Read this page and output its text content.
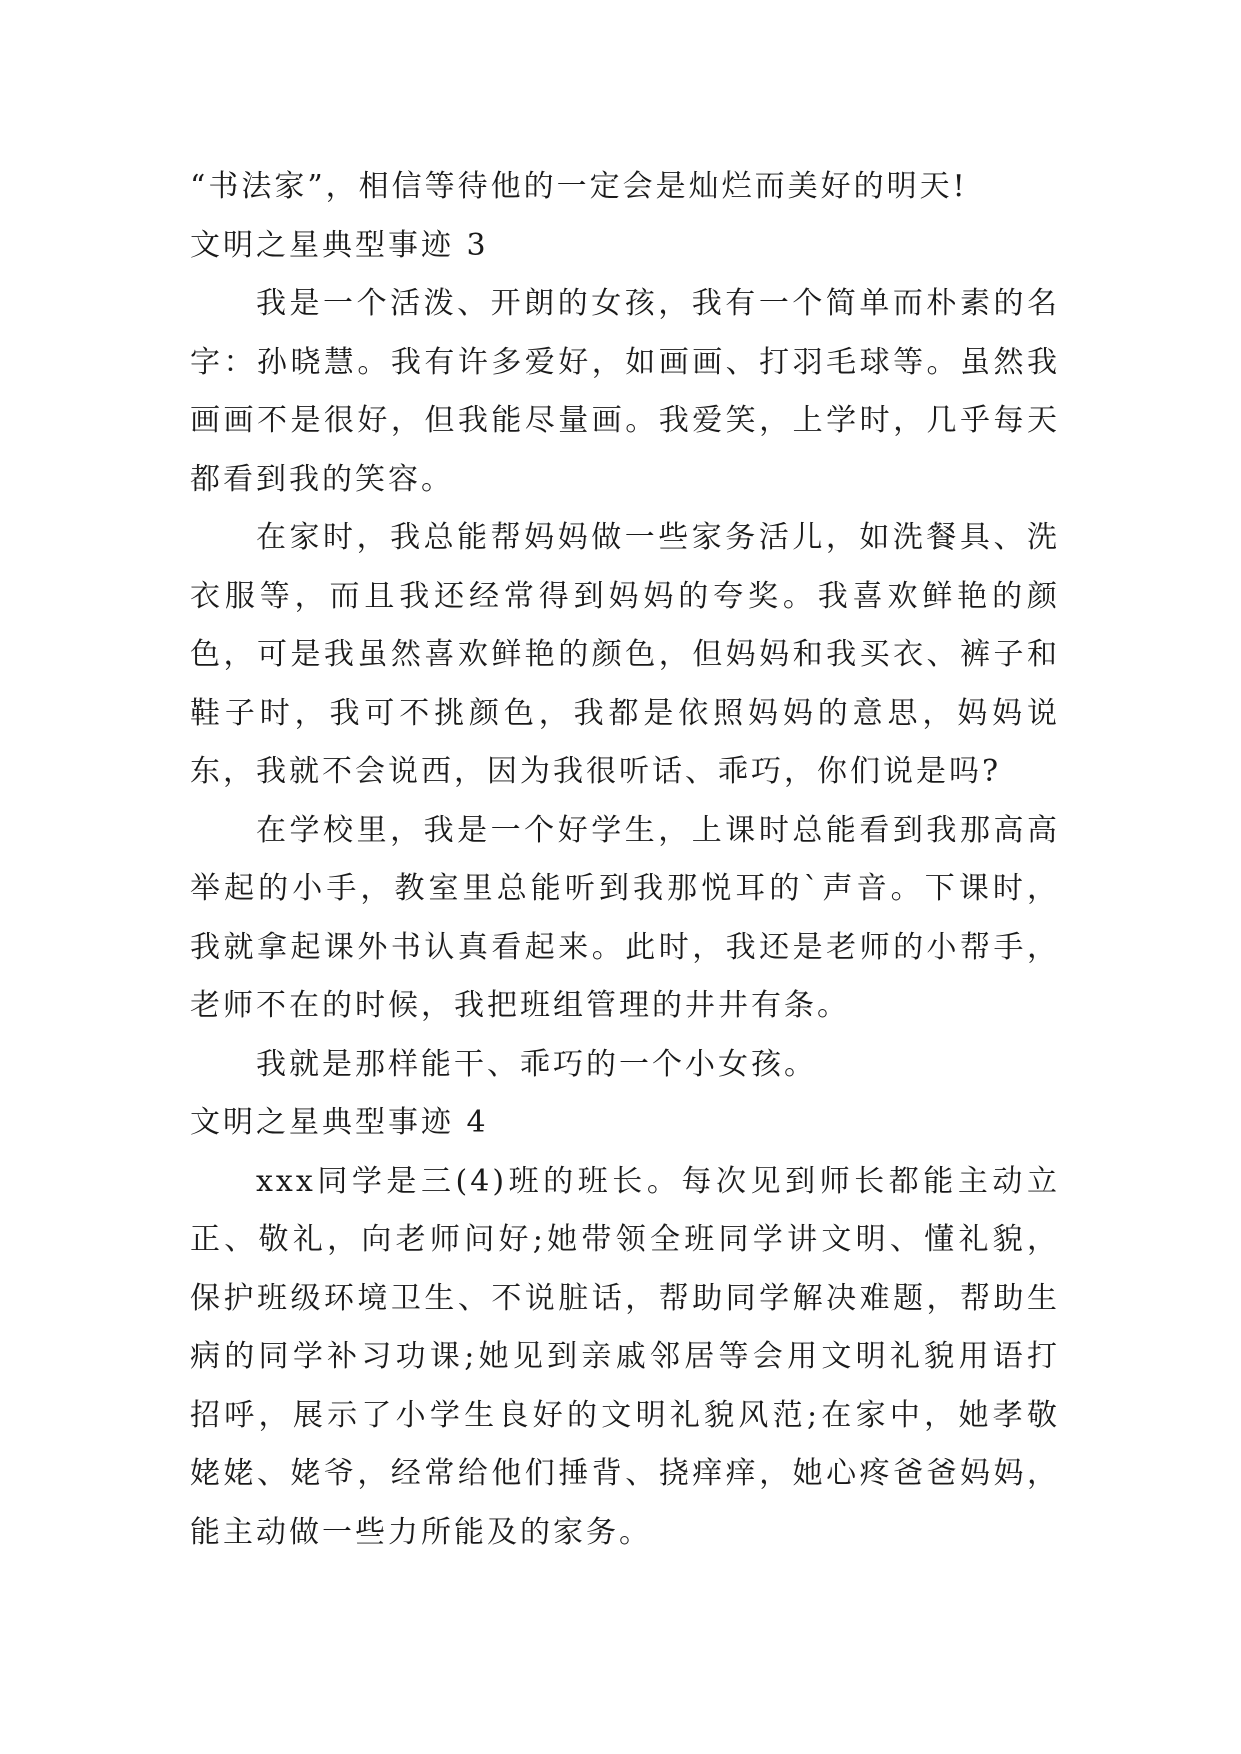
“书法家”，相信等待他的一定会是灿烂而美好的明天!
文明之星典型事迹 3

我是一个活泼、开朗的女孩，我有一个简单而朴素的名字：孙晓慧。我有许多爱好，如画画、打羽毛球等。虽然我画画不是很好，但我能尽量画。我爱笑，上学时，几乎每天都看到我的笑容。

在家时，我总能帮妈妈做一些家务活儿，如洗餐具、洗衣服等，而且我还经常得到妈妈的夸奖。我喜欢鲜艳的颜色，可是我虽然喜欢鲜艳的颜色，但妈妈和我买衣、裤子和鞋子时，我可不挑颜色，我都是依照妈妈的意思，妈妈说东，我就不会说西，因为我很听话、乖巧，你们说是吗?

在学校里，我是一个好学生，上课时总能看到我那高高举起的小手，教室里总能听到我那悦耳的`声音。下课时，我就拿起课外书认真看起来。此时，我还是老师的小帮手，老师不在的时候，我把班组管理的井井有条。

我就是那样能干、乖巧的一个小女孩。

文明之星典型事迹 4

xxx同学是三(4)班的班长。每次见到师长都能主动立正、敬礼，向老师问好;她带领全班同学讲文明、懂礼貌，保护班级环境卫生、不说脏话，帮助同学解决难题，帮助生病的同学补习功课;她见到亲戚邻居等会用文明礼貌用语打招呼，展示了小学生良好的文明礼貌风范;在家中，她孝敬姥姥、姥爷，经常给他们捶背、挠痒痒，她心疼爸爸妈妈，能主动做一些力所能及的家务。
